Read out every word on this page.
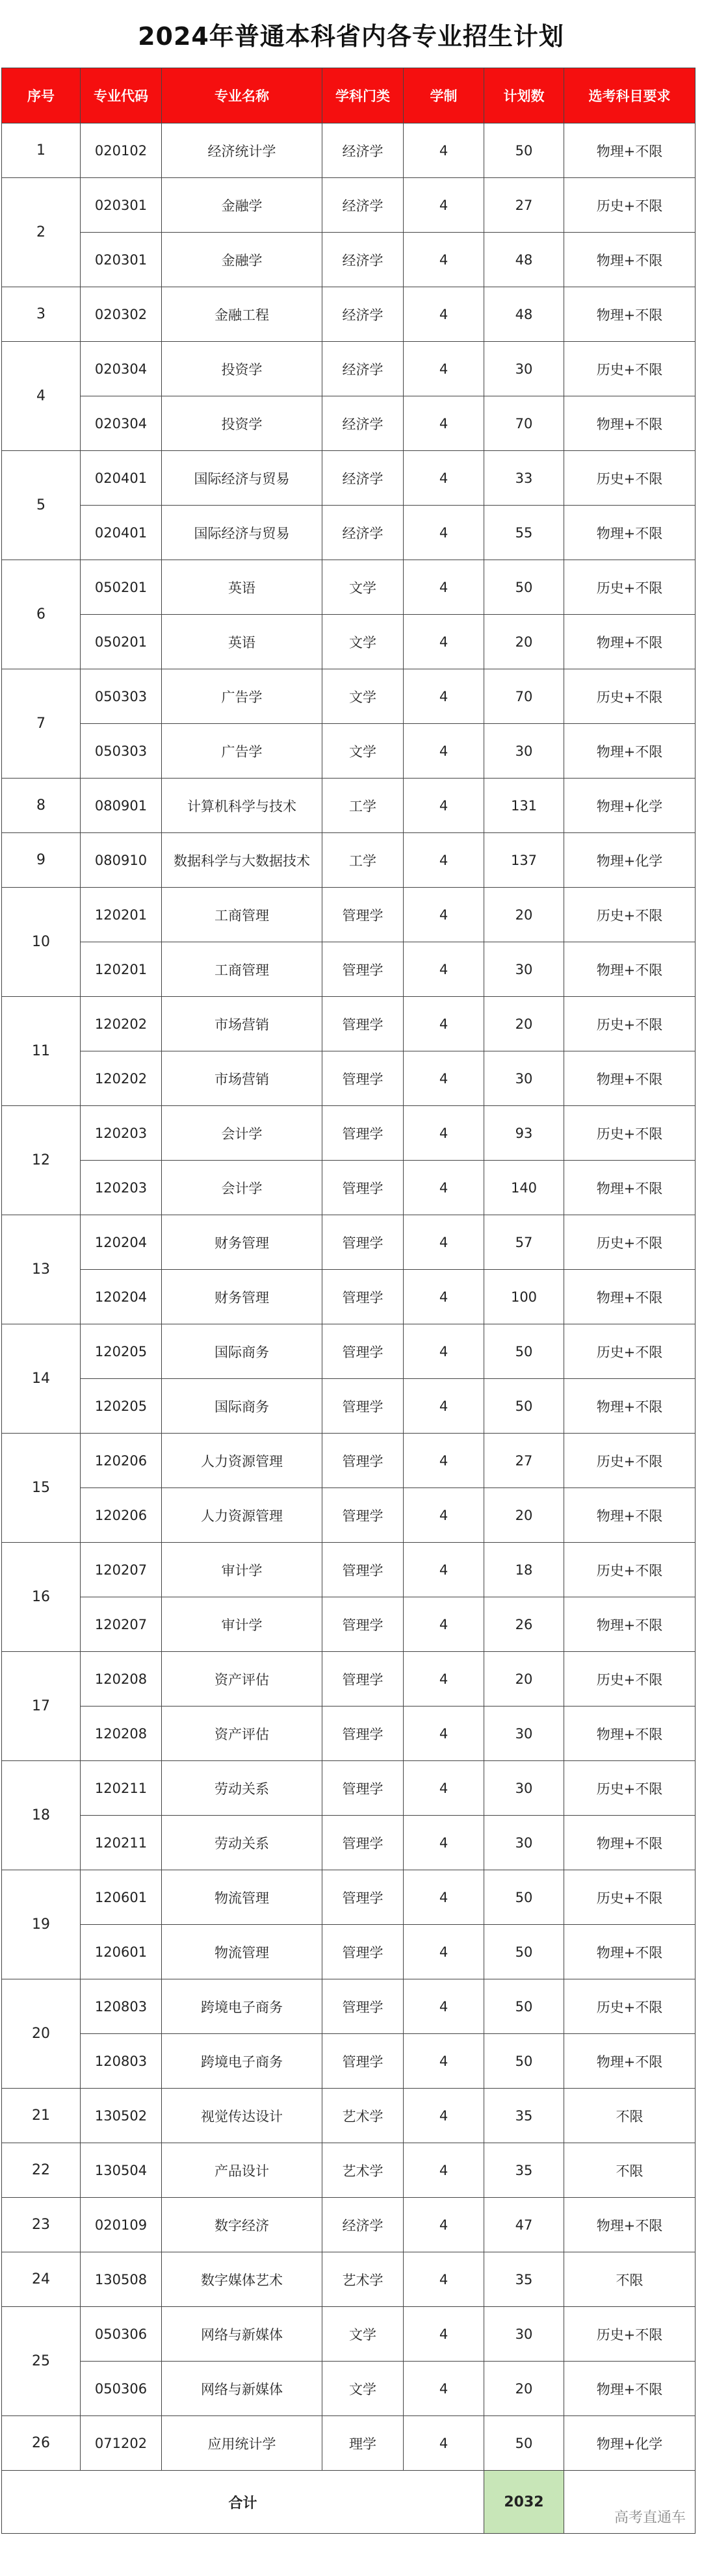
2024年普通本科省内各专业招生计划
序号	专业代码	专业名称	学科门类	学制	计划数	选考科目要求
1	020102	经济统计学	经济学	4	50	物理+不限
2	020301	金融学	经济学	4	27	历史+不限
	020301	金融学	经济学	4	48	物理+不限
3	020302	金融工程	经济学	4	48	物理+不限
4	020304	投资学	经济学	4	30	历史+不限
	020304	投资学	经济学	4	70	物理+不限
5	020401	国际经济与贸易	经济学	4	33	历史+不限
	020401	国际经济与贸易	经济学	4	55	物理+不限
6	050201	英语	文学	4	50	历史+不限
	050201	英语	文学	4	20	物理+不限
7	050303	广告学	文学	4	70	历史+不限
	050303	广告学	文学	4	30	物理+不限
8	080901	计算机科学与技术	工学	4	131	物理+化学
9	080910	数据科学与大数据技术	工学	4	137	物理+化学
10	120201	工商管理	管理学	4	20	历史+不限
	120201	工商管理	管理学	4	30	物理+不限
11	120202	市场营销	管理学	4	20	历史+不限
	120202	市场营销	管理学	4	30	物理+不限
12	120203	会计学	管理学	4	93	历史+不限
	120203	会计学	管理学	4	140	物理+不限
13	120204	财务管理	管理学	4	57	历史+不限
	120204	财务管理	管理学	4	100	物理+不限
14	120205	国际商务	管理学	4	50	历史+不限
	120205	国际商务	管理学	4	50	物理+不限
15	120206	人力资源管理	管理学	4	27	历史+不限
	120206	人力资源管理	管理学	4	20	物理+不限
16	120207	审计学	管理学	4	18	历史+不限
	120207	审计学	管理学	4	26	物理+不限
17	120208	资产评估	管理学	4	20	历史+不限
	120208	资产评估	管理学	4	30	物理+不限
18	120211	劳动关系	管理学	4	30	历史+不限
	120211	劳动关系	管理学	4	30	物理+不限
19	120601	物流管理	管理学	4	50	历史+不限
	120601	物流管理	管理学	4	50	物理+不限
20	120803	跨境电子商务	管理学	4	50	历史+不限
	120803	跨境电子商务	管理学	4	50	物理+不限
21	130502	视觉传达设计	艺术学	4	35	不限
22	130504	产品设计	艺术学	4	35	不限
23	020109	数字经济	经济学	4	47	物理+不限
24	130508	数字媒体艺术	艺术学	4	35	不限
25	050306	网络与新媒体	文学	4	30	历史+不限
	050306	网络与新媒体	文学	4	20	物理+不限
26	071202	应用统计学	理学	4	50	物理+化学
合计					2032	高考直通车
